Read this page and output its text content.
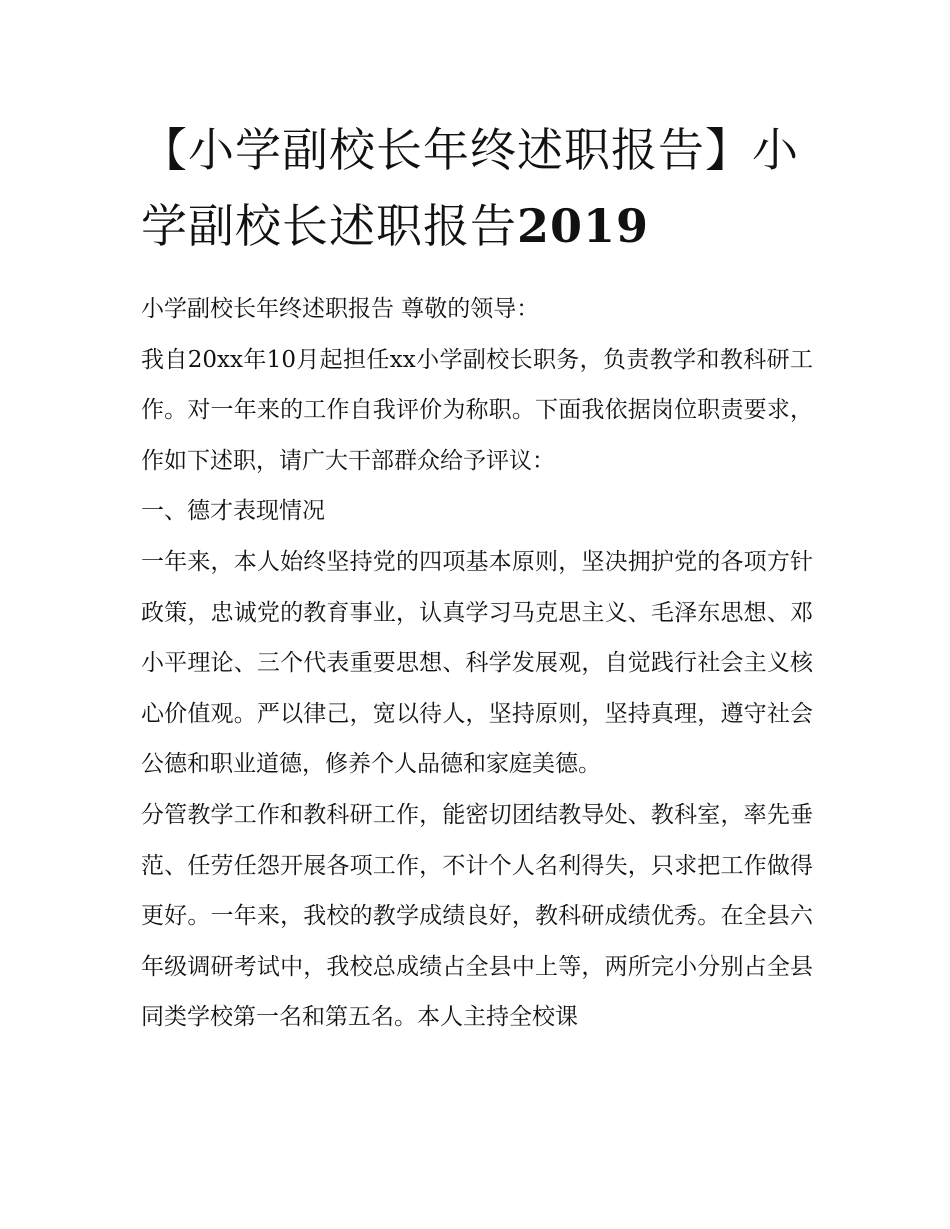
【小学副校长年终述职报告】小学副校长述职报告2019

小学副校长年终述职报告 尊敬的领导：

我自20xx年10月起担任xx小学副校长职务，负责教学和教科研工作。对一年来的工作自我评价为称职。下面我依据岗位职责要求，作如下述职，请广大干部群众给予评议：

一、德才表现情况

一年来，本人始终坚持党的四项基本原则，坚决拥护党的各项方针政策，忠诚党的教育事业，认真学习马克思主义、毛泽东思想、邓小平理论、三个代表重要思想、科学发展观，自觉践行社会主义核心价值观。严以律己，宽以待人，坚持原则，坚持真理，遵守社会公德和职业道德，修养个人品德和家庭美德。

分管教学工作和教科研工作，能密切团结教导处、教科室，率先垂范、任劳任怨开展各项工作，不计个人名利得失，只求把工作做得更好。一年来，我校的教学成绩良好，教科研成绩优秀。在全县六年级调研考试中，我校总成绩占全县中上等，两所完小分别占全县同类学校第一名和第五名。本人主持全校课
